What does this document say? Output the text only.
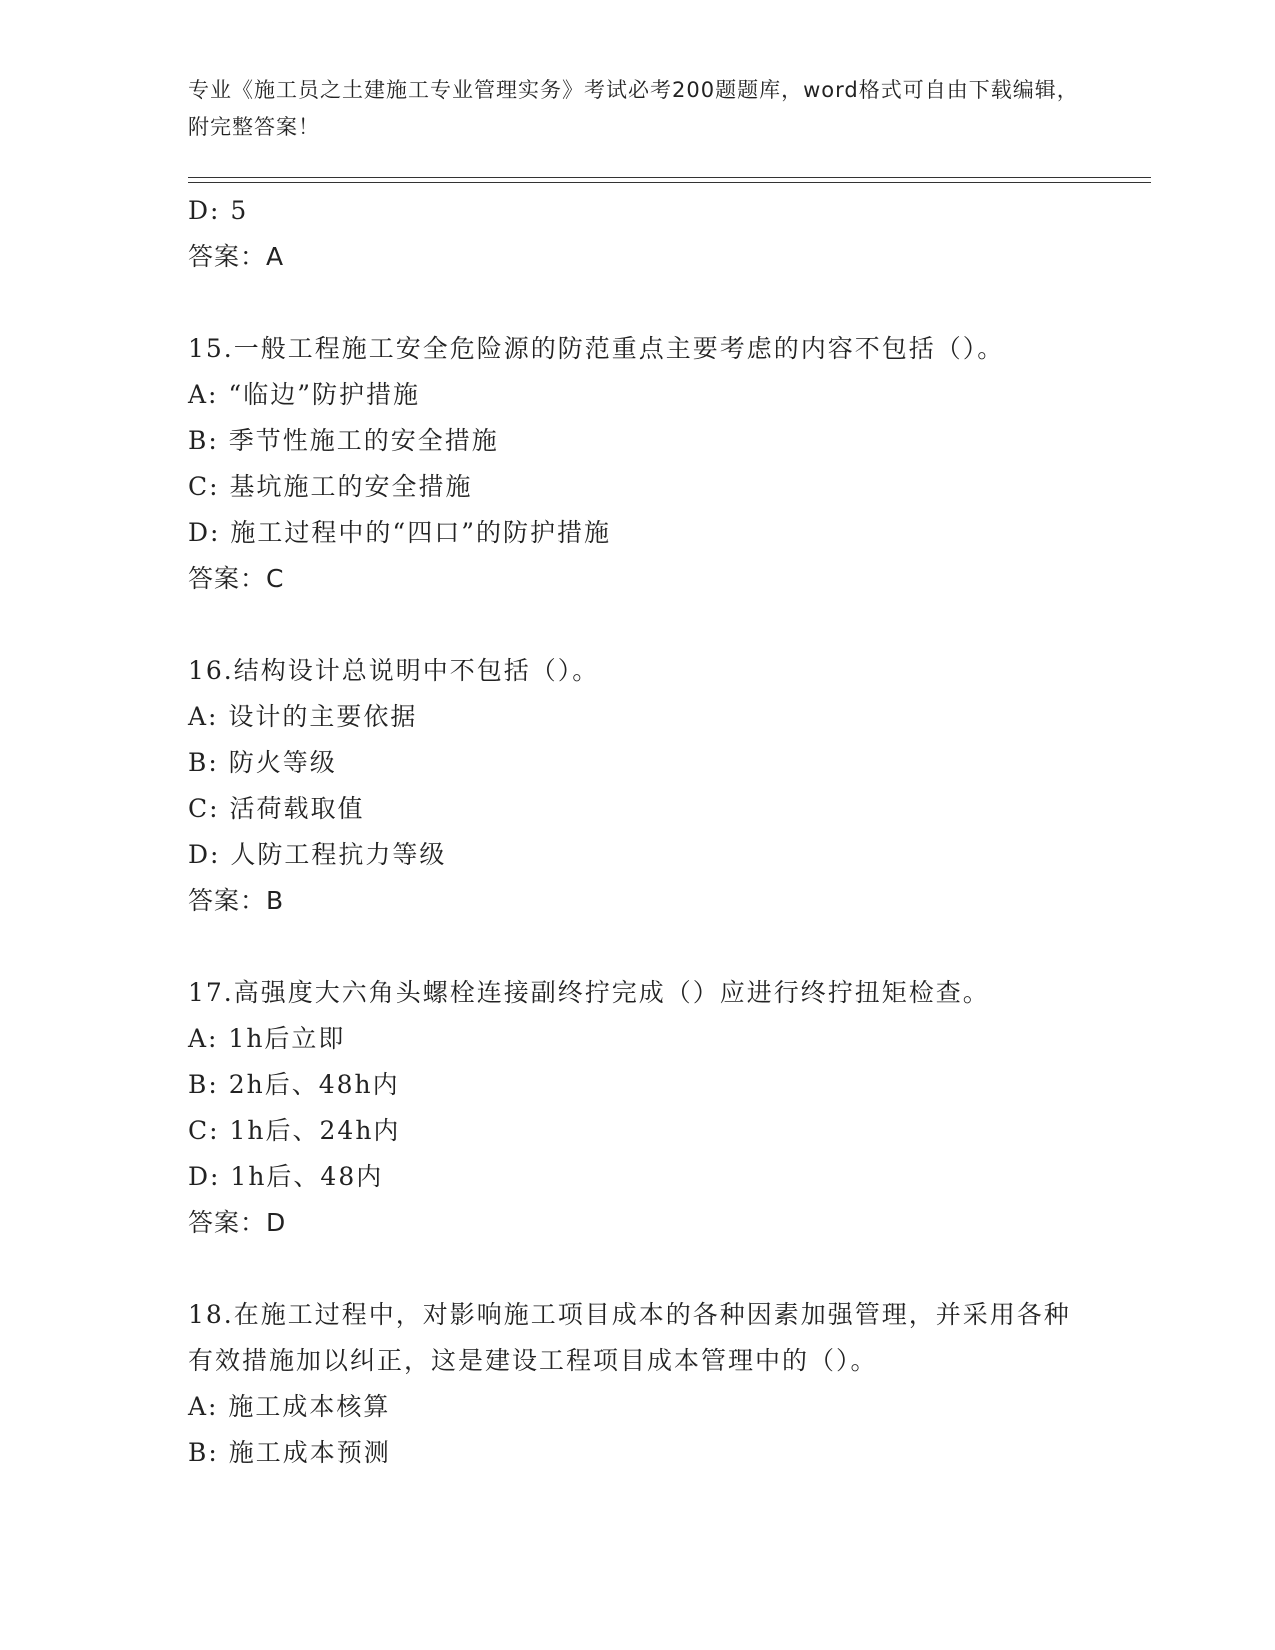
专业《施工员之土建施工专业管理实务》考试必考200题题库，word格式可自由下载编辑，附完整答案！
D: 5
答案：A
15.一般工程施工安全危险源的防范重点主要考虑的内容不包括（）。
A: “临边”防护措施
B: 季节性施工的安全措施
C: 基坑施工的安全措施
D: 施工过程中的“四口”的防护措施
答案：C
16.结构设计总说明中不包括（）。
A: 设计的主要依据
B: 防火等级
C: 活荷载取值
D: 人防工程抗力等级
答案：B
17.高强度大六角头螺栓连接副终拧完成（）应进行终拧扭矩检查。
A: 1h后立即
B: 2h后、48h内
C: 1h后、24h内
D: 1h后、48内
答案：D
18.在施工过程中，对影响施工项目成本的各种因素加强管理，并采用各种有效措施加以纠正，这是建设工程项目成本管理中的（）。
A: 施工成本核算
B: 施工成本预测
